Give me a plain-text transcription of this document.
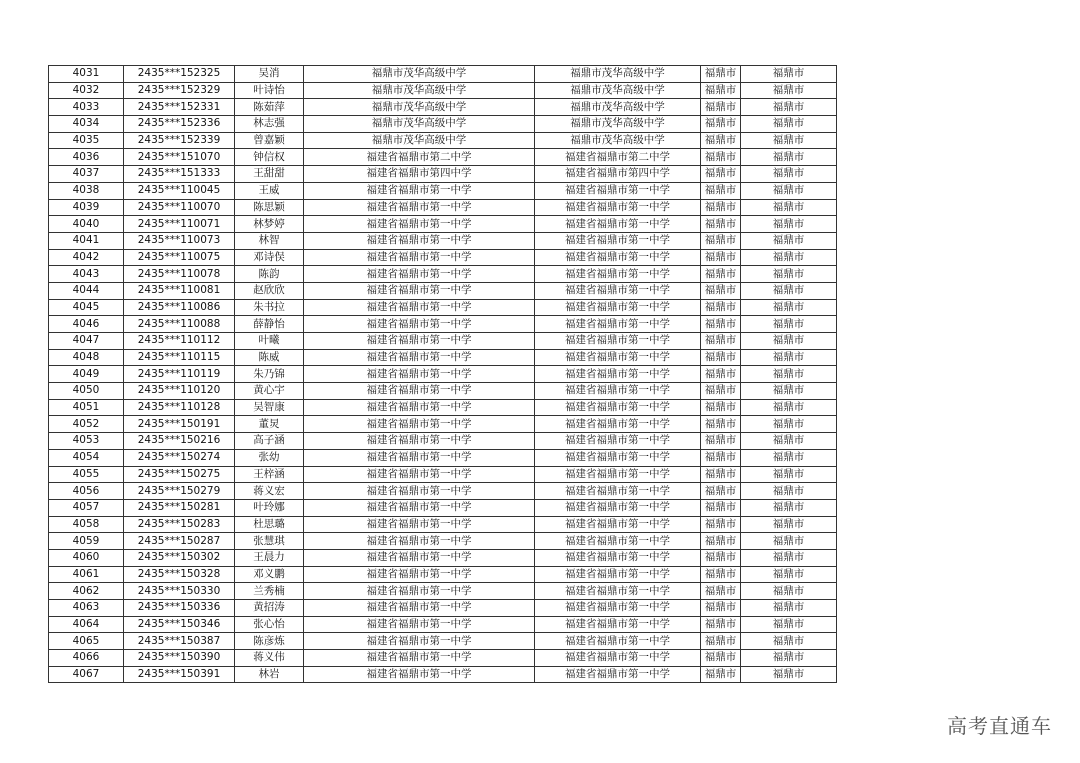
4031	2435***152325	吴消	福鼎市茂华高级中学	福鼎市茂华高级中学	福鼎市	福鼎市
4032	2435***152329	叶诗怡	福鼎市茂华高级中学	福鼎市茂华高级中学	福鼎市	福鼎市
4033	2435***152331	陈茹萍	福鼎市茂华高级中学	福鼎市茂华高级中学	福鼎市	福鼎市
4034	2435***152336	林志强	福鼎市茂华高级中学	福鼎市茂华高级中学	福鼎市	福鼎市
4035	2435***152339	曾嘉颖	福鼎市茂华高级中学	福鼎市茂华高级中学	福鼎市	福鼎市
4036	2435***151070	钟信权	福建省福鼎市第二中学	福建省福鼎市第二中学	福鼎市	福鼎市
4037	2435***151333	王甜甜	福建省福鼎市第四中学	福建省福鼎市第四中学	福鼎市	福鼎市
4038	2435***110045	王威	福建省福鼎市第一中学	福建省福鼎市第一中学	福鼎市	福鼎市
4039	2435***110070	陈思颖	福建省福鼎市第一中学	福建省福鼎市第一中学	福鼎市	福鼎市
4040	2435***110071	林梦婷	福建省福鼎市第一中学	福建省福鼎市第一中学	福鼎市	福鼎市
4041	2435***110073	林智	福建省福鼎市第一中学	福建省福鼎市第一中学	福鼎市	福鼎市
4042	2435***110075	邓诗俣	福建省福鼎市第一中学	福建省福鼎市第一中学	福鼎市	福鼎市
4043	2435***110078	陈韵	福建省福鼎市第一中学	福建省福鼎市第一中学	福鼎市	福鼎市
4044	2435***110081	赵欣欣	福建省福鼎市第一中学	福建省福鼎市第一中学	福鼎市	福鼎市
4045	2435***110086	朱书拉	福建省福鼎市第一中学	福建省福鼎市第一中学	福鼎市	福鼎市
4046	2435***110088	薛静怡	福建省福鼎市第一中学	福建省福鼎市第一中学	福鼎市	福鼎市
4047	2435***110112	叶曦	福建省福鼎市第一中学	福建省福鼎市第一中学	福鼎市	福鼎市
4048	2435***110115	陈威	福建省福鼎市第一中学	福建省福鼎市第一中学	福鼎市	福鼎市
4049	2435***110119	朱乃锦	福建省福鼎市第一中学	福建省福鼎市第一中学	福鼎市	福鼎市
4050	2435***110120	黄心宇	福建省福鼎市第一中学	福建省福鼎市第一中学	福鼎市	福鼎市
4051	2435***110128	吴智康	福建省福鼎市第一中学	福建省福鼎市第一中学	福鼎市	福鼎市
4052	2435***150191	董炅	福建省福鼎市第一中学	福建省福鼎市第一中学	福鼎市	福鼎市
4053	2435***150216	高子涵	福建省福鼎市第一中学	福建省福鼎市第一中学	福鼎市	福鼎市
4054	2435***150274	张幼	福建省福鼎市第一中学	福建省福鼎市第一中学	福鼎市	福鼎市
4055	2435***150275	王梓涵	福建省福鼎市第一中学	福建省福鼎市第一中学	福鼎市	福鼎市
4056	2435***150279	蒋义宏	福建省福鼎市第一中学	福建省福鼎市第一中学	福鼎市	福鼎市
4057	2435***150281	叶玲娜	福建省福鼎市第一中学	福建省福鼎市第一中学	福鼎市	福鼎市
4058	2435***150283	杜思璐	福建省福鼎市第一中学	福建省福鼎市第一中学	福鼎市	福鼎市
4059	2435***150287	张慧琪	福建省福鼎市第一中学	福建省福鼎市第一中学	福鼎市	福鼎市
4060	2435***150302	王晨力	福建省福鼎市第一中学	福建省福鼎市第一中学	福鼎市	福鼎市
4061	2435***150328	邓义鹏	福建省福鼎市第一中学	福建省福鼎市第一中学	福鼎市	福鼎市
4062	2435***150330	兰秀楠	福建省福鼎市第一中学	福建省福鼎市第一中学	福鼎市	福鼎市
4063	2435***150336	黄招涛	福建省福鼎市第一中学	福建省福鼎市第一中学	福鼎市	福鼎市
4064	2435***150346	张心怡	福建省福鼎市第一中学	福建省福鼎市第一中学	福鼎市	福鼎市
4065	2435***150387	陈彦炼	福建省福鼎市第一中学	福建省福鼎市第一中学	福鼎市	福鼎市
4066	2435***150390	蒋义伟	福建省福鼎市第一中学	福建省福鼎市第一中学	福鼎市	福鼎市
4067	2435***150391	林岩	福建省福鼎市第一中学	福建省福鼎市第一中学	福鼎市	福鼎市
高考直通车
